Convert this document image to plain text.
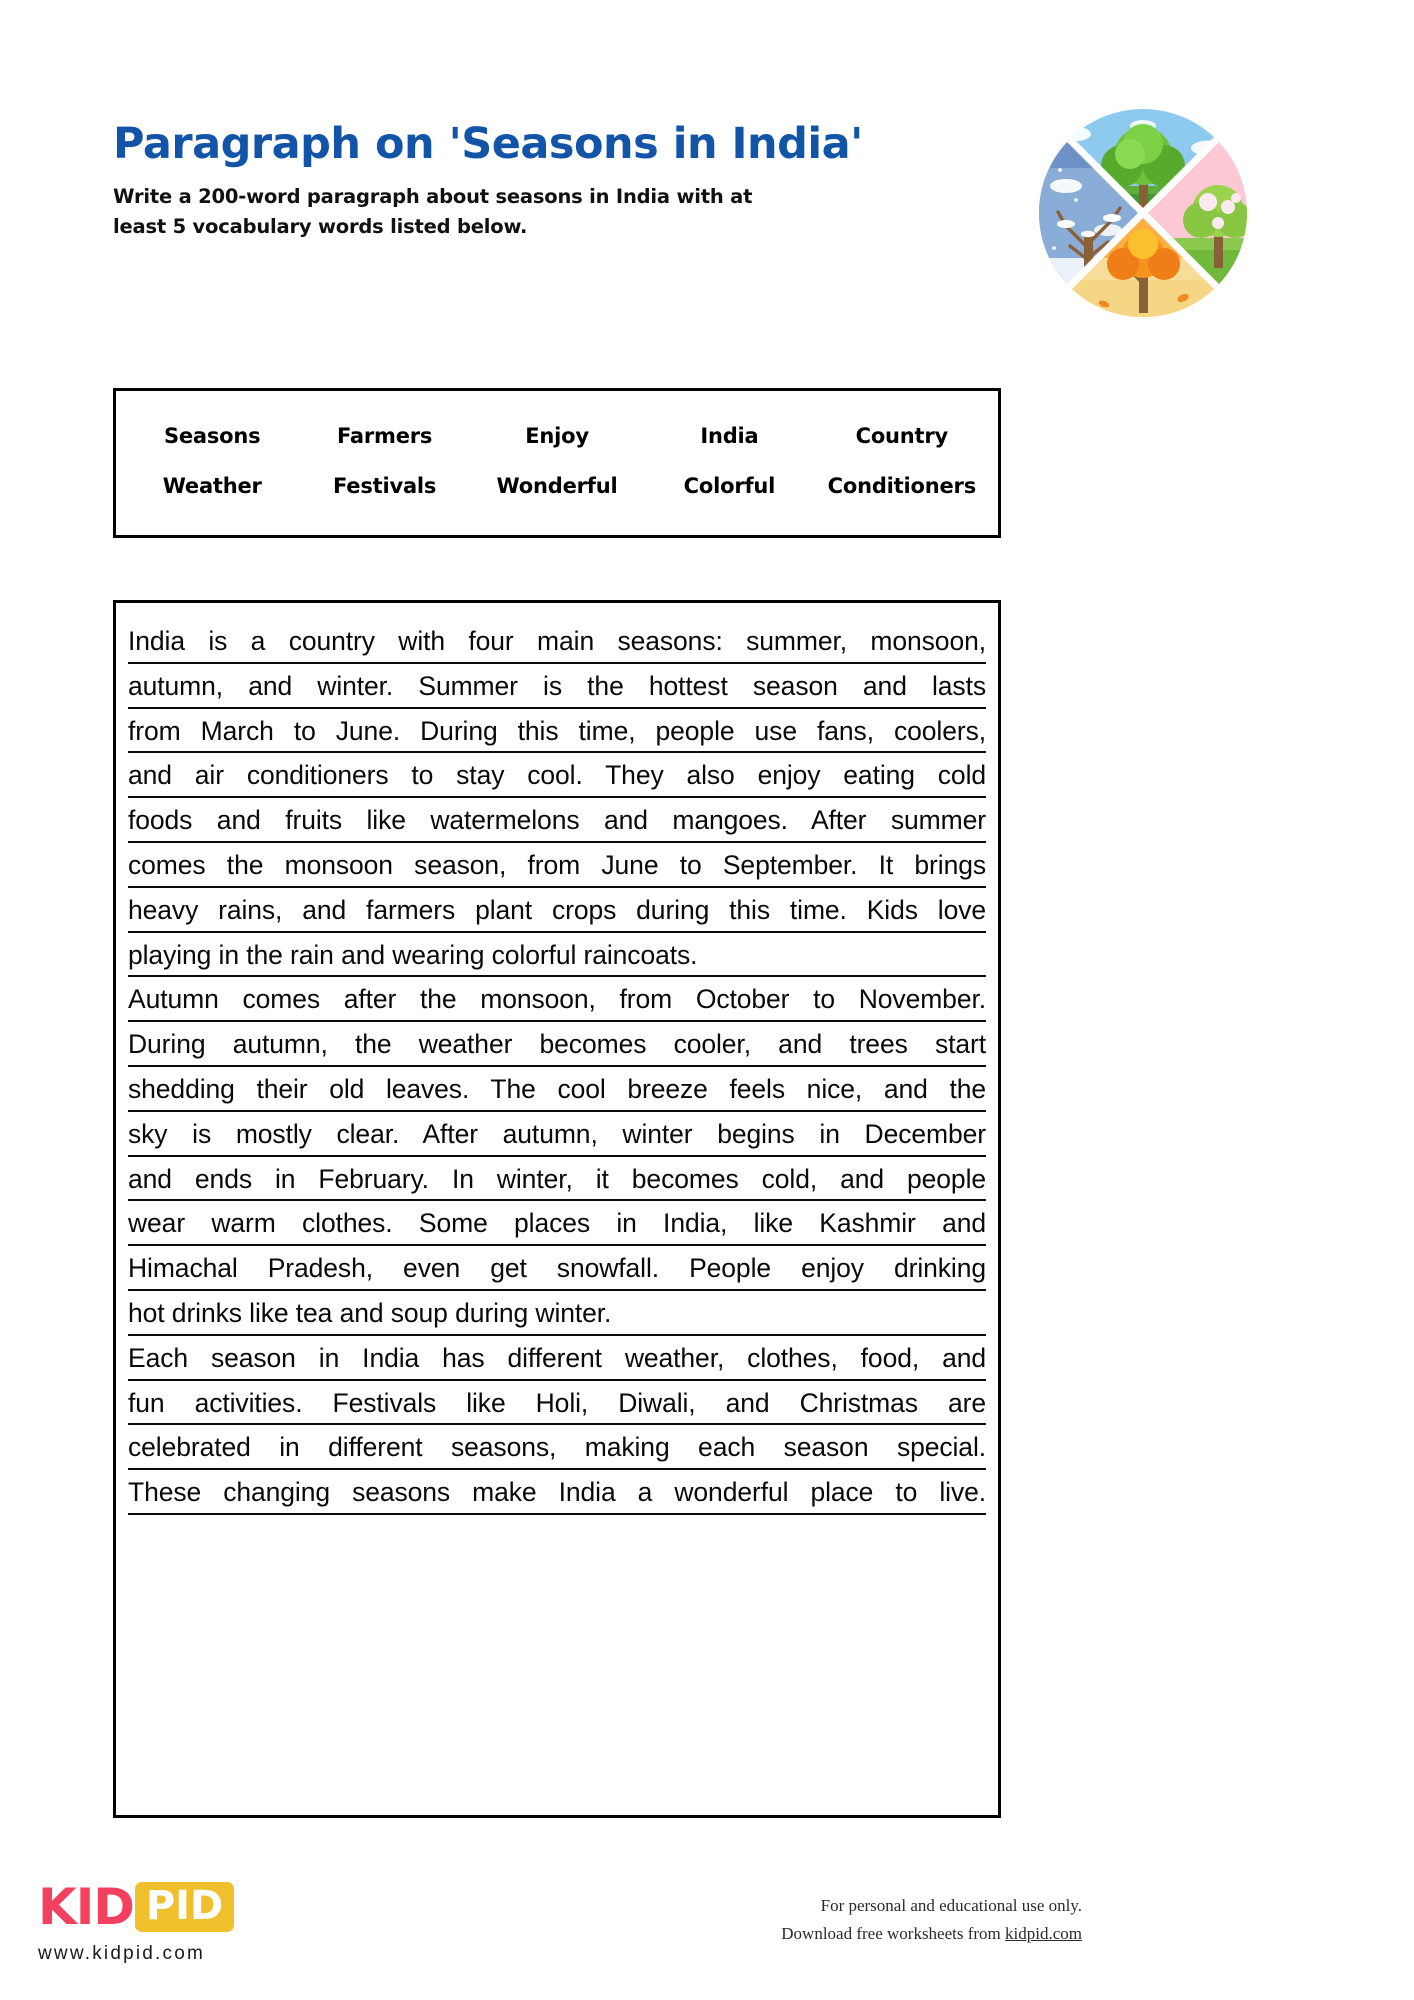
Paragraph on 'Seasons in India'
Write a 200-word paragraph about seasons in India with at least 5 vocabulary words listed below.
Seasons	Farmers	Enjoy	India	Country
Weather	Festivals	Wonderful	Colorful	Conditioners
India is a country with four main seasons: summer, monsoon,
autumn, and winter. Summer is the hottest season and lasts
from March to June. During this time, people use fans, coolers,
and air conditioners to stay cool. They also enjoy eating cold
foods and fruits like watermelons and mangoes. After summer
comes the monsoon season, from June to September. It brings
heavy rains, and farmers plant crops during this time. Kids love
playing in the rain and wearing colorful raincoats.
Autumn comes after the monsoon, from October to November.
During autumn, the weather becomes cooler, and trees start
shedding their old leaves. The cool breeze feels nice, and the
sky is mostly clear. After autumn, winter begins in December
and ends in February. In winter, it becomes cold, and people
wear warm clothes. Some places in India, like Kashmir and
Himachal Pradesh, even get snowfall. People enjoy drinking
hot drinks like tea and soup during winter.
Each season in India has different weather, clothes, food, and
fun activities. Festivals like Holi, Diwali, and Christmas are
celebrated in different seasons, making each season special.
These changing seasons make India a wonderful place to live.
KID PID
www.kidpid.com
For personal and educational use only.
Download free worksheets from kidpid.com
